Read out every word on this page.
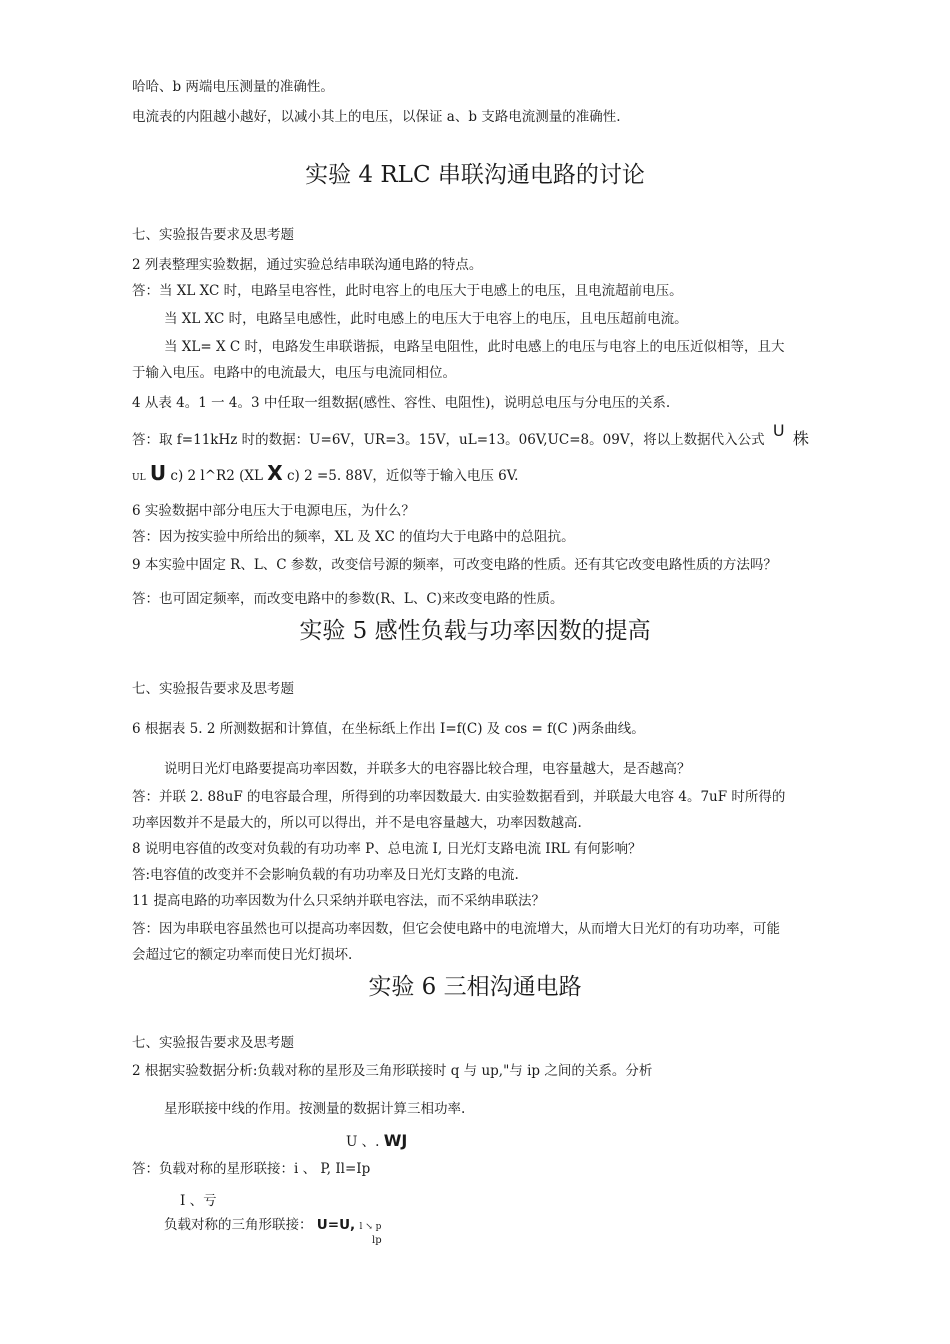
哈哈、b 两端电压测量的准确性。
电流表的内阻越小越好，以减小其上的电压，以保证 a、b 支路电流测量的准确性.
实验 4 RLC 串联沟通电路的讨论
七、实验报告要求及思考题
2 列表整理实验数据，通过实验总结串联沟通电路的特点。
答：当 XL XC 时，电路呈电容性，此时电容上的电压大于电感上的电压，且电流超前电压。
当 XL XC 时，电路呈电感性，此时电感上的电压大于电容上的电压，且电压超前电流。
当 XL= X C 时，电路发生串联谐振，电路呈电阻性，此时电感上的电压与电容上的电压近似相等，且大
于输入电压。电路中的电流最大，电压与电流同相位。
4 从表 4。1 一 4。3 中任取一组数据(感性、容性、电阻性)，说明总电压与分电压的关系.
答：取 f=11kHz 时的数据：U=6V，UR=3。15V，uL=13。06V,UC=8。09V，将以上数据代入公式 U 株
UL U c) 2 l^R2 (XL X c) 2 =5. 88V，近似等于输入电压 6V.
6 实验数据中部分电压大于电源电压，为什么？
答：因为按实验中所给出的频率，XL 及 XC 的值均大于电路中的总阻抗。
9 本实验中固定 R、L、C 参数，改变信号源的频率，可改变电路的性质。还有其它改变电路性质的方法吗？
答：也可固定频率，而改变电路中的参数(R、L、C)来改变电路的性质。
实验 5 感性负载与功率因数的提高
七、实验报告要求及思考题
6 根据表 5. 2 所测数据和计算值，在坐标纸上作出 I=f(C) 及 cos = f(C )两条曲线。
说明日光灯电路要提高功率因数，并联多大的电容器比较合理，电容量越大，是否越高？
答：并联 2. 88uF 的电容最合理，所得到的功率因数最大. 由实验数据看到，并联最大电容 4。7uF 时所得的
功率因数并不是最大的，所以可以得出，并不是电容量越大，功率因数越高.
8 说明电容值的改变对负载的有功功率 P、总电流 I, 日光灯支路电流 IRL 有何影响？
答:电容值的改变并不会影响负载的有功功率及日光灯支路的电流.
11 提高电路的功率因数为什么只采纳并联电容法，而不采纳串联法？
答：因为串联电容虽然也可以提高功率因数，但它会使电路中的电流增大，从而增大日光灯的有功功率，可能
会超过它的额定功率而使日光灯损坏.
实验 6 三相沟通电路
七、实验报告要求及思考题
2 根据实验数据分析:负载对称的星形及三角形联接时 q 与 up,"与 ip 之间的关系。分析
星形联接中线的作用。按测量的数据计算三相功率.
U 、. WJ
答：负载对称的星形联接：i 、 P, Il=Ip
I 、亏
负载对称的三角形联接： U=U, l ↘ p
lp
